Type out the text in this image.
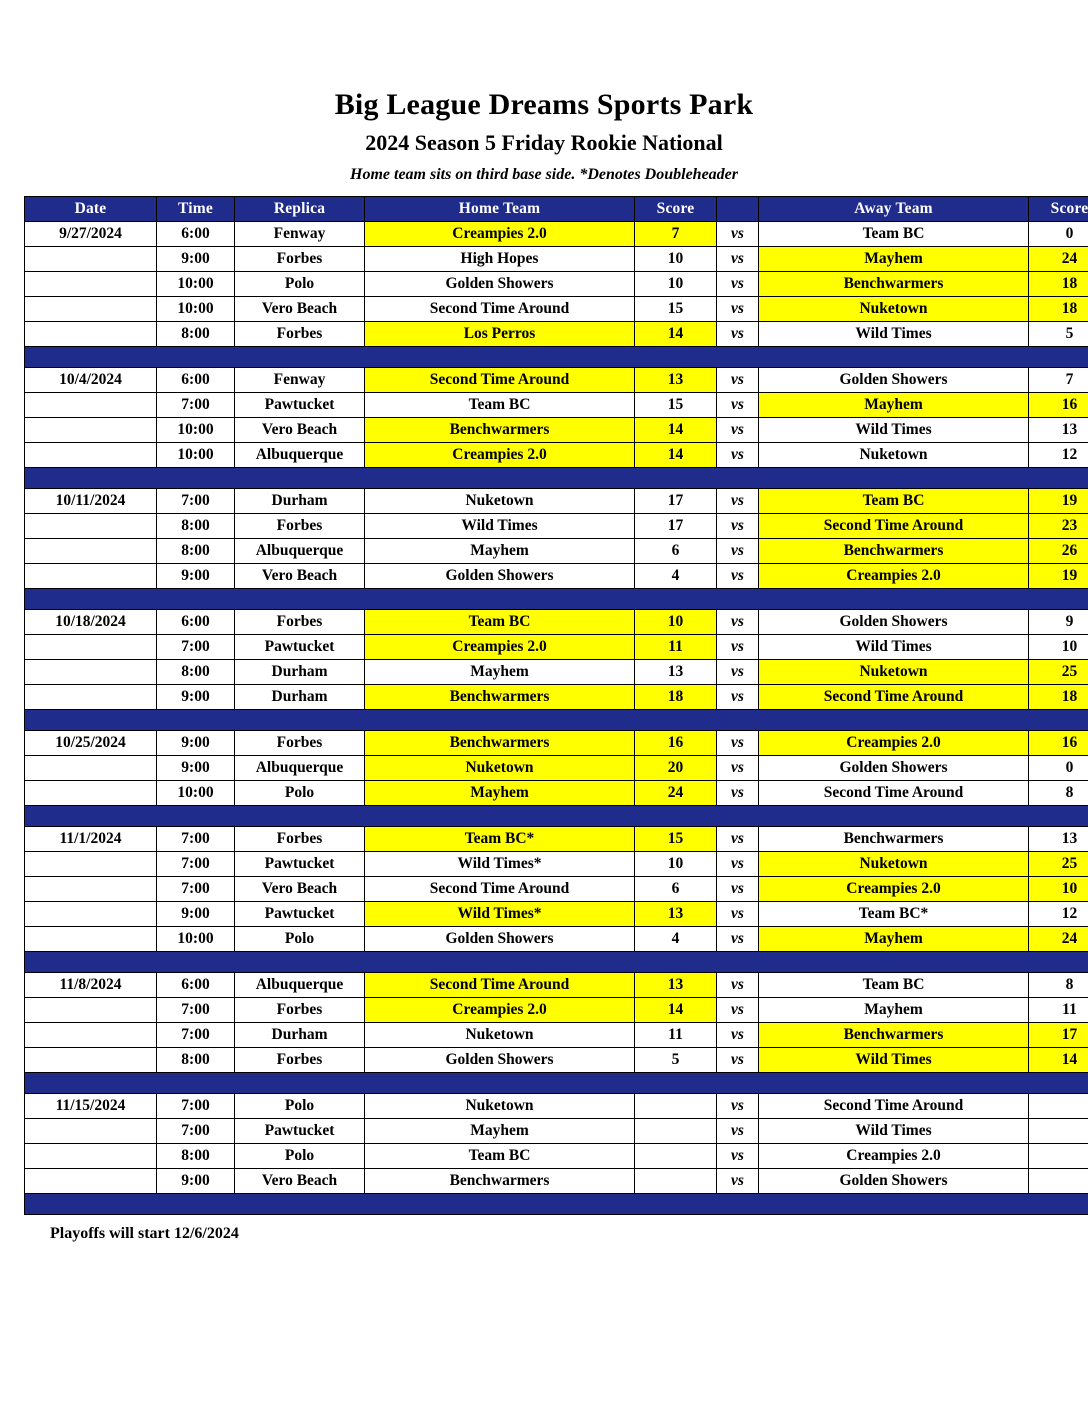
Big League Dreams Sports Park
2024 Season 5 Friday Rookie National

Home team sits on third base side. *Denotes Doubleheader

Date	Time	Replica	Home Team	Score		Away Team	Score
9/27/2024	6:00	Fenway	Creampies 2.0	7	vs	Team BC	0
	9:00	Forbes	High Hopes	10	vs	Mayhem	24
	10:00	Polo	Golden Showers	10	vs	Benchwarmers	18
	10:00	Vero Beach	Second Time Around	15	vs	Nuketown	18
	8:00	Forbes	Los Perros	14	vs	Wild Times	5

10/4/2024	6:00	Fenway	Second Time Around	13	vs	Golden Showers	7
	7:00	Pawtucket	Team BC	15	vs	Mayhem	16
	10:00	Vero Beach	Benchwarmers	14	vs	Wild Times	13
	10:00	Albuquerque	Creampies 2.0	14	vs	Nuketown	12

10/11/2024	7:00	Durham	Nuketown	17	vs	Team BC	19
	8:00	Forbes	Wild Times	17	vs	Second Time Around	23
	8:00	Albuquerque	Mayhem	6	vs	Benchwarmers	26
	9:00	Vero Beach	Golden Showers	4	vs	Creampies 2.0	19

10/18/2024	6:00	Forbes	Team BC	10	vs	Golden Showers	9
	7:00	Pawtucket	Creampies 2.0	11	vs	Wild Times	10
	8:00	Durham	Mayhem	13	vs	Nuketown	25
	9:00	Durham	Benchwarmers	18	vs	Second Time Around	18

10/25/2024	9:00	Forbes	Benchwarmers	16	vs	Creampies 2.0	16
	9:00	Albuquerque	Nuketown	20	vs	Golden Showers	0
	10:00	Polo	Mayhem	24	vs	Second Time Around	8

11/1/2024	7:00	Forbes	Team BC*	15	vs	Benchwarmers	13
	7:00	Pawtucket	Wild Times*	10	vs	Nuketown	25
	7:00	Vero Beach	Second Time Around	6	vs	Creampies 2.0	10
	9:00	Pawtucket	Wild Times*	13	vs	Team BC*	12
	10:00	Polo	Golden Showers	4	vs	Mayhem	24

11/8/2024	6:00	Albuquerque	Second Time Around	13	vs	Team BC	8
	7:00	Forbes	Creampies 2.0	14	vs	Mayhem	11
	7:00	Durham	Nuketown	11	vs	Benchwarmers	17
	8:00	Forbes	Golden Showers	5	vs	Wild Times	14

11/15/2024	7:00	Polo	Nuketown		vs	Second Time Around	
	7:00	Pawtucket	Mayhem		vs	Wild Times	
	8:00	Polo	Team BC		vs	Creampies 2.0	
	9:00	Vero Beach	Benchwarmers		vs	Golden Showers	

Playoffs will start 12/6/2024
